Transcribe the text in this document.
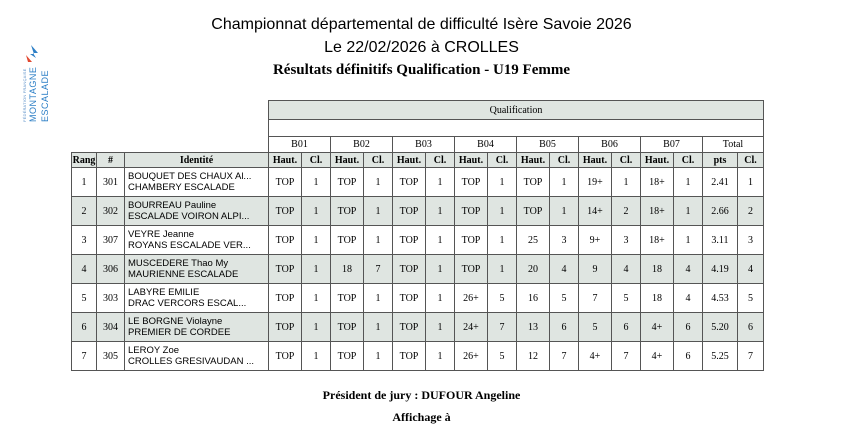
FÉDÉRATION FRANÇAISE MONTAGNE ESCALADE
Championnat départemental de difficulté Isère Savoie 2026
Le 22/02/2026 à CROLLES
Résultats définitifs Qualification - U19 Femme
			Qualification															

			B01		B02		B03		B04		B05		B06		B07		Total	
Rang	#	Identité	Haut.	Cl.	Haut.	Cl.	Haut.	Cl.	Haut.	Cl.	Haut.	Cl.	Haut.	Cl.	Haut.	Cl.	pts	Cl.
1	301	BOUQUET DES CHAUX Al...
CHAMBERY ESCALADE	TOP	1	TOP	1	TOP	1	TOP	1	TOP	1	19+	1	18+	1	2.41	1
2	302	BOURREAU Pauline
ESCALADE VOIRON ALPI...	TOP	1	TOP	1	TOP	1	TOP	1	TOP	1	14+	2	18+	1	2.66	2
3	307	VEYRE Jeanne
ROYANS ESCALADE VER...	TOP	1	TOP	1	TOP	1	TOP	1	25	3	9+	3	18+	1	3.11	3
4	306	MUSCEDERE Thao My
MAURIENNE ESCALADE	TOP	1	18	7	TOP	1	TOP	1	20	4	9	4	18	4	4.19	4
5	303	LABYRE EMILIE
DRAC VERCORS ESCAL...	TOP	1	TOP	1	TOP	1	26+	5	16	5	7	5	18	4	4.53	5
6	304	LE BORGNE Violayne
PREMIER DE CORDEE	TOP	1	TOP	1	TOP	1	24+	7	13	6	5	6	4+	6	5.20	6
7	305	LEROY Zoe
CROLLES GRESIVAUDAN ...	TOP	1	TOP	1	TOP	1	26+	5	12	7	4+	7	4+	6	5.25	7
Président de jury : DUFOUR Angeline
Affichage à
